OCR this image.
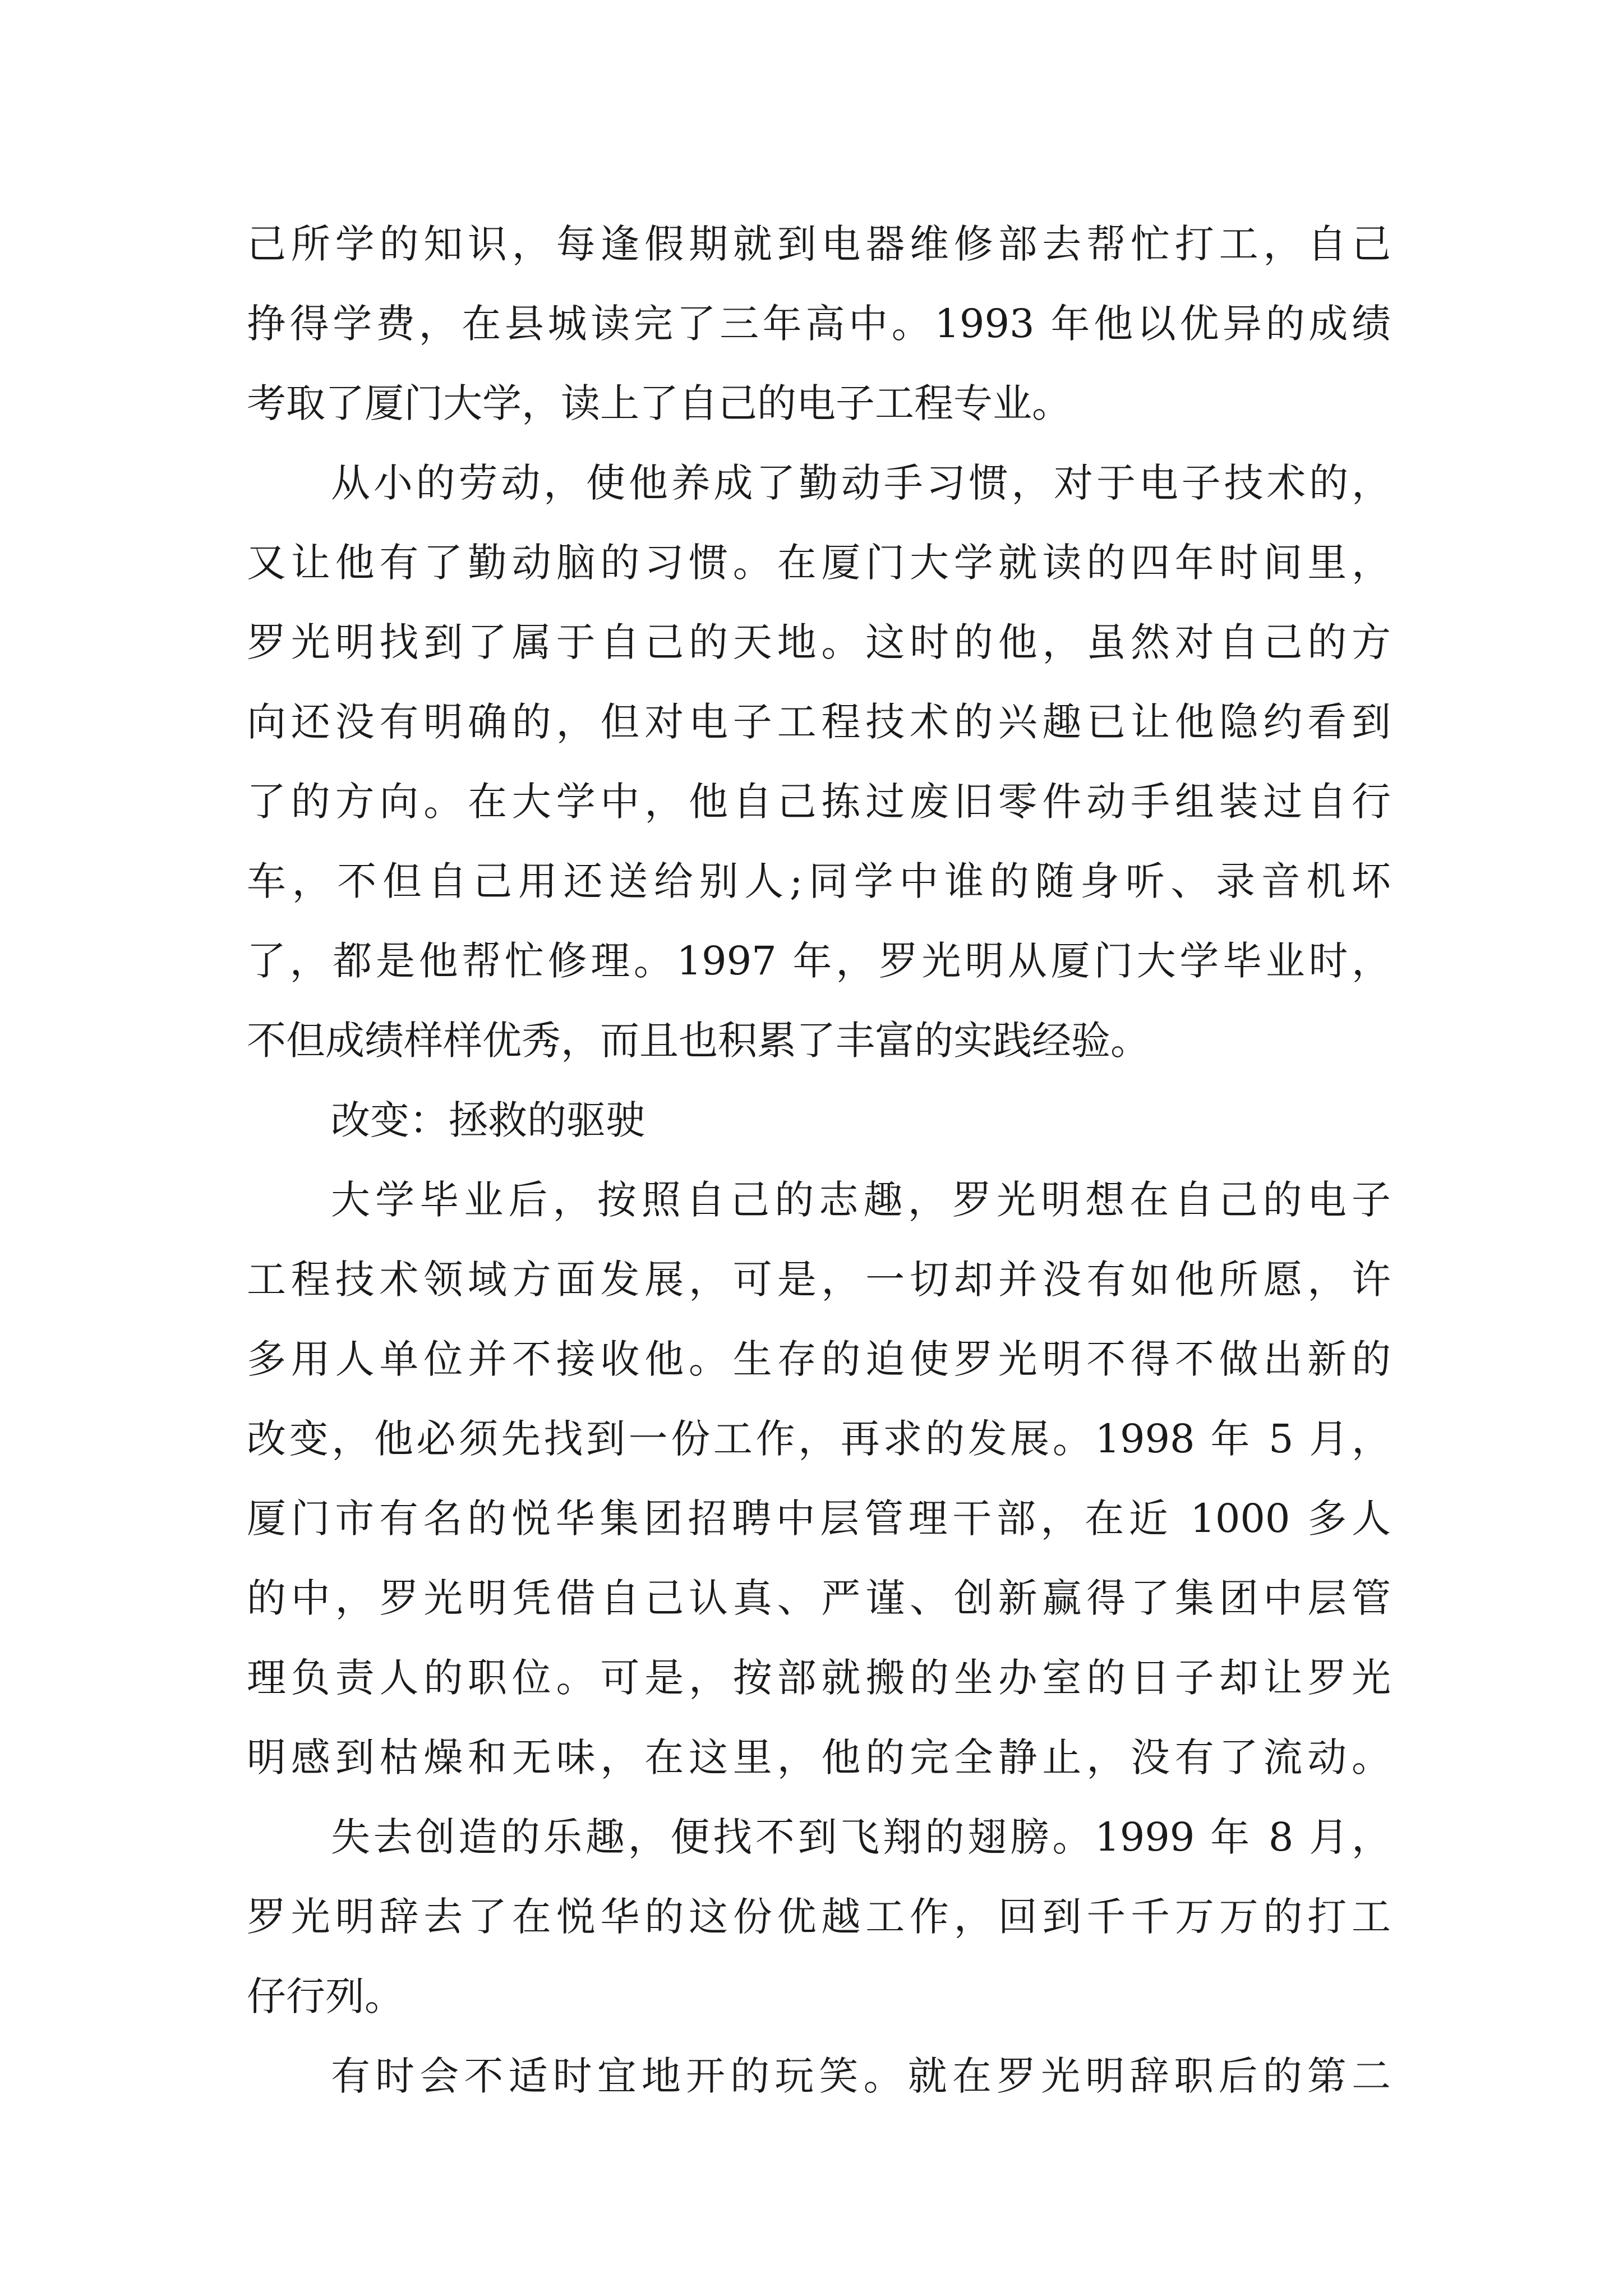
己所学的知识，每逢假期就到电器维修部去帮忙打工，自己

挣得学费，在县城读完了三年高中。1993 年他以优异的成绩

考取了厦门大学，读上了自己的电子工程专业。

从小的劳动，使他养成了勤动手习惯，对于电子技术的，

又让他有了勤动脑的习惯。在厦门大学就读的四年时间里，

罗光明找到了属于自己的天地。这时的他，虽然对自己的方

向还没有明确的，但对电子工程技术的兴趣已让他隐约看到

了的方向。在大学中，他自己拣过废旧零件动手组装过自行

车，不但自己用还送给别人;同学中谁的随身听、录音机坏

了，都是他帮忙修理。1997 年，罗光明从厦门大学毕业时，

不但成绩样样优秀，而且也积累了丰富的实践经验。

改变：拯救的驱驶

大学毕业后，按照自己的志趣，罗光明想在自己的电子

工程技术领域方面发展，可是，一切却并没有如他所愿，许

多用人单位并不接收他。生存的迫使罗光明不得不做出新的

改变，他必须先找到一份工作，再求的发展。1998 年 5 月，

厦门市有名的悦华集团招聘中层管理干部，在近 1000 多人

的中，罗光明凭借自己认真、严谨、创新赢得了集团中层管

理负责人的职位。可是，按部就搬的坐办室的日子却让罗光

明感到枯燥和无味，在这里，他的完全静止，没有了流动。

失去创造的乐趣，便找不到飞翔的翅膀。1999 年 8 月，

罗光明辞去了在悦华的这份优越工作，回到千千万万的打工

仔行列。

有时会不适时宜地开的玩笑。就在罗光明辞职后的第二
